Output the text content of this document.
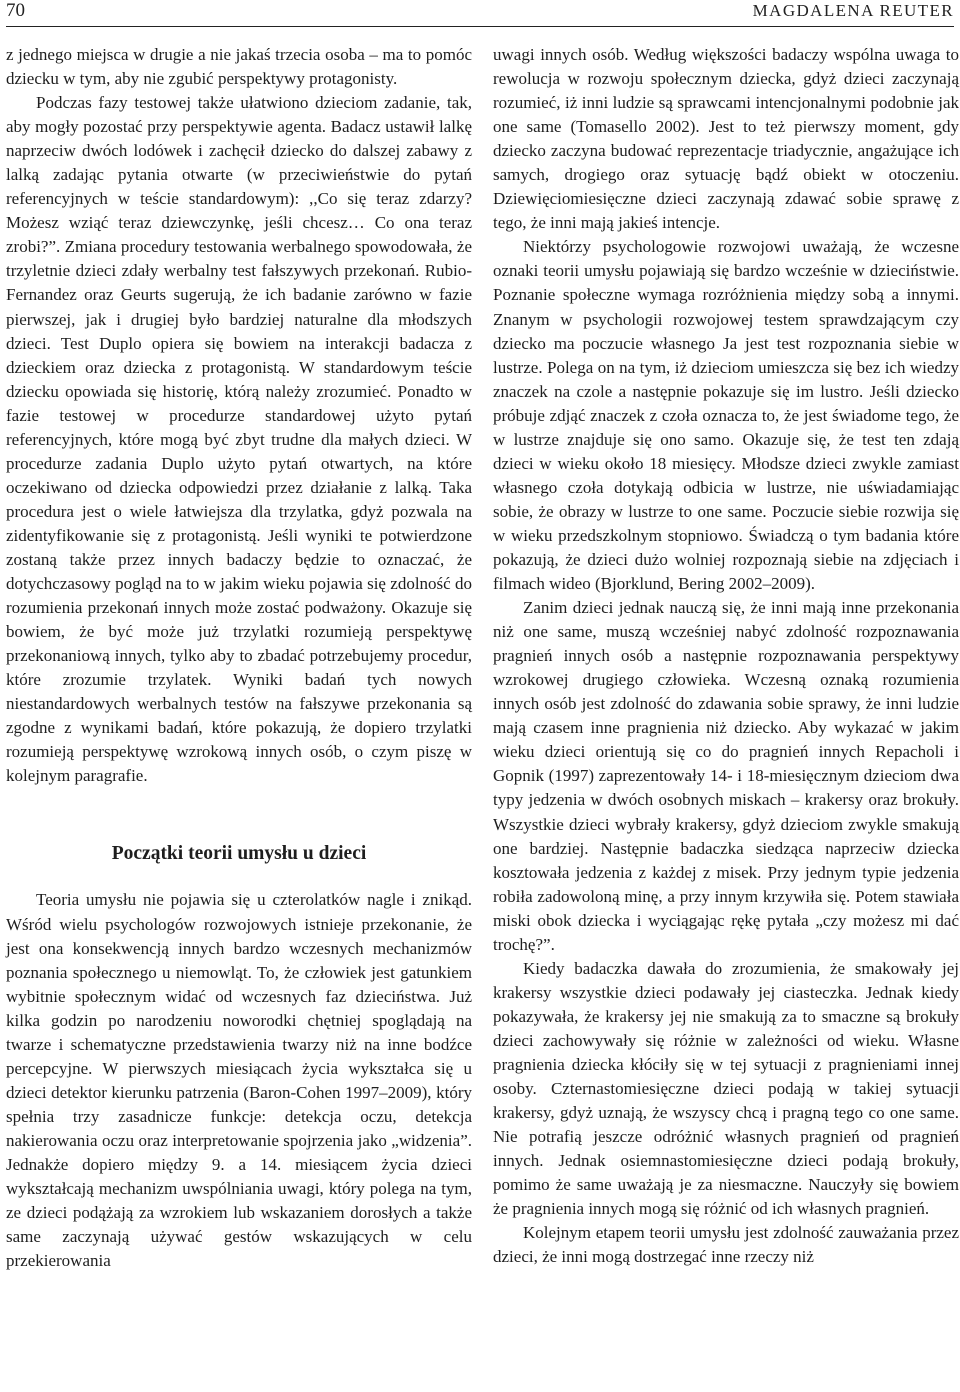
70	MAGDALENA REUTER

z jednego miejsca w drugie a nie jakaś trzecia osoba – ma to pomóc dziecku w tym, aby nie zgubić perspektywy protagonisty.

Podczas fazy testowej także ułatwiono dzieciom zadanie, tak, aby mogły pozostać przy perspektywie agenta. Badacz ustawił lalkę naprzeciw dwóch lodówek i zachęcił dziecko do dalszej zabawy z lalką zadając pytania otwarte (w przeciwieństwie do pytań referencyjnych w teście standardowym): ,,Co się teraz zdarzy? Możesz wziąć teraz dziewczynkę, jeśli chcesz… Co ona teraz zrobi?”. Zmiana procedury testowania werbalnego spowodowała, że trzyletnie dzieci zdały werbalny test fałszywych przekonań. Rubio-Fernandez oraz Geurts sugerują, że ich badanie zarówno w fazie pierwszej, jak i drugiej było bardziej naturalne dla młodszych dzieci. Test Duplo opiera się bowiem na interakcji badacza z dzieckiem oraz dziecka z protagonistą. W standardowym teście dziecku opowiada się historię, którą należy zrozumieć. Ponadto w fazie testowej w procedurze standardowej użyto pytań referencyjnych, które mogą być zbyt trudne dla małych dzieci. W procedurze zadania Duplo użyto pytań otwartych, na które oczekiwano od dziecka odpowiedzi przez działanie z lalką. Taka procedura jest o wiele łatwiejsza dla trzylatka, gdyż pozwala na zidentyfikowanie się z protagonistą. Jeśli wyniki te potwierdzone zostaną także przez innych badaczy będzie to oznaczać, że dotychczasowy pogląd na to w jakim wieku pojawia się zdolność do rozumienia przekonań innych może zostać podważony. Okazuje się bowiem, że być może już trzylatki rozumieją perspektywę przekonaniową innych, tylko aby to zbadać potrzebujemy procedur, które zrozumie trzylatek. Wyniki badań tych nowych niestandardowych werbalnych testów na fałszywe przekonania są zgodne z wynikami badań, które pokazują, że dopiero trzylatki rozumieją perspektywę wzrokową innych osób, o czym piszę w kolejnym paragrafie.

Początki teorii umysłu u dzieci

Teoria umysłu nie pojawia się u czterolatków nagle i znikąd. Wśród wielu psychologów rozwojowych istnieje przekonanie, że jest ona konsekwencją innych bardzo wczesnych mechanizmów poznania społecznego u niemowląt. To, że człowiek jest gatunkiem wybitnie społecznym widać od wczesnych faz dzieciństwa. Już kilka godzin po narodzeniu noworodki chętniej spoglądają na twarze i schematyczne przedstawienia twarzy niż na inne bodźce percepcyjne. W pierwszych miesiącach życia wykształca się u dzieci detektor kierunku patrzenia (Baron-Cohen 1997–2009), który spełnia trzy zasadnicze funkcje: detekcja oczu, detekcja nakierowania oczu oraz interpretowanie spojrzenia jako „widzenia”. Jednakże dopiero między 9. a 14. miesiącem życia dzieci wykształcają mechanizm uwspólniania uwagi, który polega na tym, ze dzieci podążają za wzrokiem lub wskazaniem dorosłych a także same zaczynają używać gestów wskazujących w celu przekierowania

uwagi innych osób. Według większości badaczy wspólna uwaga to rewolucja w rozwoju społecznym dziecka, gdyż dzieci zaczynają rozumieć, iż inni ludzie są sprawcami intencjonalnymi podobnie jak one same (Tomasello 2002). Jest to też pierwszy moment, gdy dziecko zaczyna budować reprezentacje triadycznie, angażujące ich samych, drogiego oraz sytuację bądź obiekt w otoczeniu. Dziewięciomiesięczne dzieci zaczynają zdawać sobie sprawę z tego, że inni mają jakieś intencje.

Niektórzy psychologowie rozwojowi uważają, że wczesne oznaki teorii umysłu pojawiają się bardzo wcześnie w dzieciństwie. Poznanie społeczne wymaga rozróżnienia między sobą a innymi. Znanym w psychologii rozwojowej testem sprawdzającym czy dziecko ma poczucie własnego Ja jest test rozpoznania siebie w lustrze. Polega on na tym, iż dzieciom umieszcza się bez ich wiedzy znaczek na czole a następnie pokazuje się im lustro. Jeśli dziecko próbuje zdjąć znaczek z czoła oznacza to, że jest świadome tego, że w lustrze znajduje się ono samo. Okazuje się, że test ten zdają dzieci w wieku około 18 miesięcy. Młodsze dzieci zwykle zamiast własnego czoła dotykają odbicia w lustrze, nie uświadamiając sobie, że obrazy w lustrze to one same. Poczucie siebie rozwija się w wieku przedszkolnym stopniowo. Świadczą o tym badania które pokazują, że dzieci dużo wolniej rozpoznają siebie na zdjęciach i filmach wideo (Bjorklund, Bering 2002–2009).

Zanim dzieci jednak nauczą się, że inni mają inne przekonania niż one same, muszą wcześniej nabyć zdolność rozpoznawania pragnień innych osób a następnie rozpoznawania perspektywy wzrokowej drugiego człowieka. Wczesną oznaką rozumienia innych osób jest zdolność do zdawania sobie sprawy, że inni ludzie mają czasem inne pragnienia niż dziecko. Aby wykazać w jakim wieku dzieci orientują się co do pragnień innych Repacholi i Gopnik (1997) zaprezentowały 14- i 18-miesięcznym dzieciom dwa typy jedzenia w dwóch osobnych miskach – krakersy oraz brokuły. Wszystkie dzieci wybrały krakersy, gdyż dzieciom zwykle smakują one bardziej. Następnie badaczka siedząca naprzeciw dziecka kosztowała jedzenia z każdej z misek. Przy jednym typie jedzenia robiła zadowoloną minę, a przy innym krzywiła się. Potem stawiała miski obok dziecka i wyciągając rękę pytała „czy możesz mi dać trochę?”.

Kiedy badaczka dawała do zrozumienia, że smakowały jej krakersy wszystkie dzieci podawały jej ciasteczka. Jednak kiedy pokazywała, że krakersy jej nie smakują za to smaczne są brokuły dzieci zachowywały się różnie w zależności od wieku. Własne pragnienia dziecka kłóciły się w tej sytuacji z pragnieniami innej osoby. Czternastomiesięczne dzieci podają w takiej sytuacji krakersy, gdyż uznają, że wszyscy chcą i pragną tego co one same. Nie potrafią jeszcze odróżnić własnych pragnień od pragnień innych. Jednak osiemnastomiesięczne dzieci podają brokuły, pomimo że same uważają je za niesmaczne. Nauczyły się bowiem że pragnienia innych mogą się różnić od ich własnych pragnień.

Kolejnym etapem teorii umysłu jest zdolność zauważania przez dzieci, że inni mogą dostrzegać inne rzeczy niż
